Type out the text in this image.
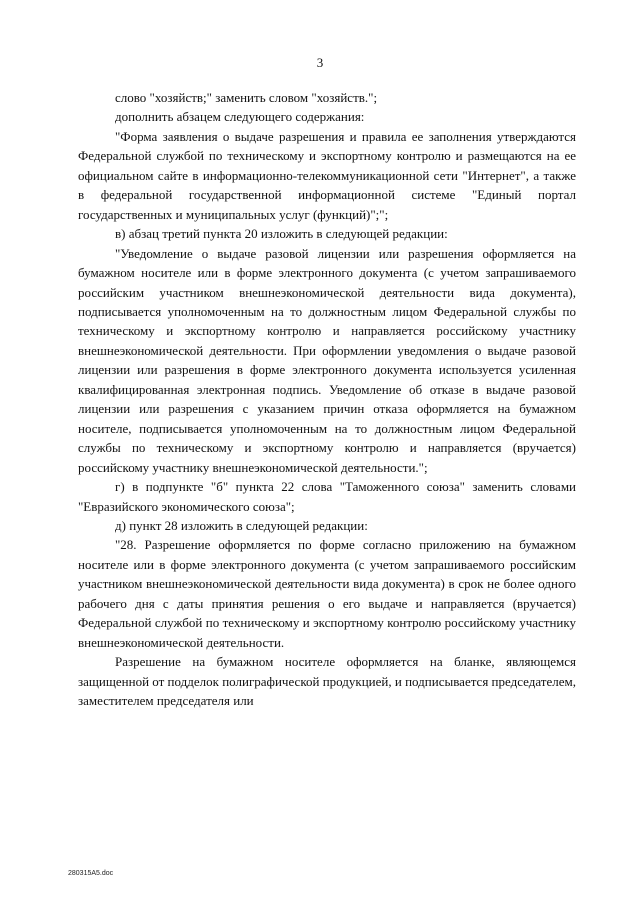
3

слово "хозяйств;" заменить словом "хозяйств.";

дополнить абзацем следующего содержания:

"Форма заявления о выдаче разрешения и правила ее заполнения утверждаются Федеральной службой по техническому и экспортному контролю и размещаются на ее официальном сайте в информационно-телекоммуникационной сети "Интернет", а также в федеральной государственной информационной системе "Единый портал государственных и муниципальных услуг (функций)";";

в) абзац третий пункта 20 изложить в следующей редакции:

"Уведомление о выдаче разовой лицензии или разрешения оформляется на бумажном носителе или в форме электронного документа (с учетом запрашиваемого российским участником внешнеэкономической деятельности вида документа), подписывается уполномоченным на то должностным лицом Федеральной службы по техническому и экспортному контролю и направляется российскому участнику внешнеэкономической деятельности. При оформлении уведомления о выдаче разовой лицензии или разрешения в форме электронного документа используется усиленная квалифицированная электронная подпись. Уведомление об отказе в выдаче разовой лицензии или разрешения с указанием причин отказа оформляется на бумажном носителе, подписывается уполномоченным на то должностным лицом Федеральной службы по техническому и экспортному контролю и направляется (вручается) российскому участнику внешнеэкономической деятельности.";

г) в подпункте "б" пункта 22 слова "Таможенного союза" заменить словами "Евразийского экономического союза";

д) пункт 28 изложить в следующей редакции:

"28. Разрешение оформляется по форме согласно приложению на бумажном носителе или в форме электронного документа (с учетом запрашиваемого российским участником внешнеэкономической деятельности вида документа) в срок не более одного рабочего дня с даты принятия решения о его выдаче и направляется (вручается) Федеральной службой по техническому и экспортному контролю российскому участнику внешнеэкономической деятельности.

Разрешение на бумажном носителе оформляется на бланке, являющемся защищенной от подделок полиграфической продукцией, и подписывается председателем, заместителем председателя или

280315A5.doc
